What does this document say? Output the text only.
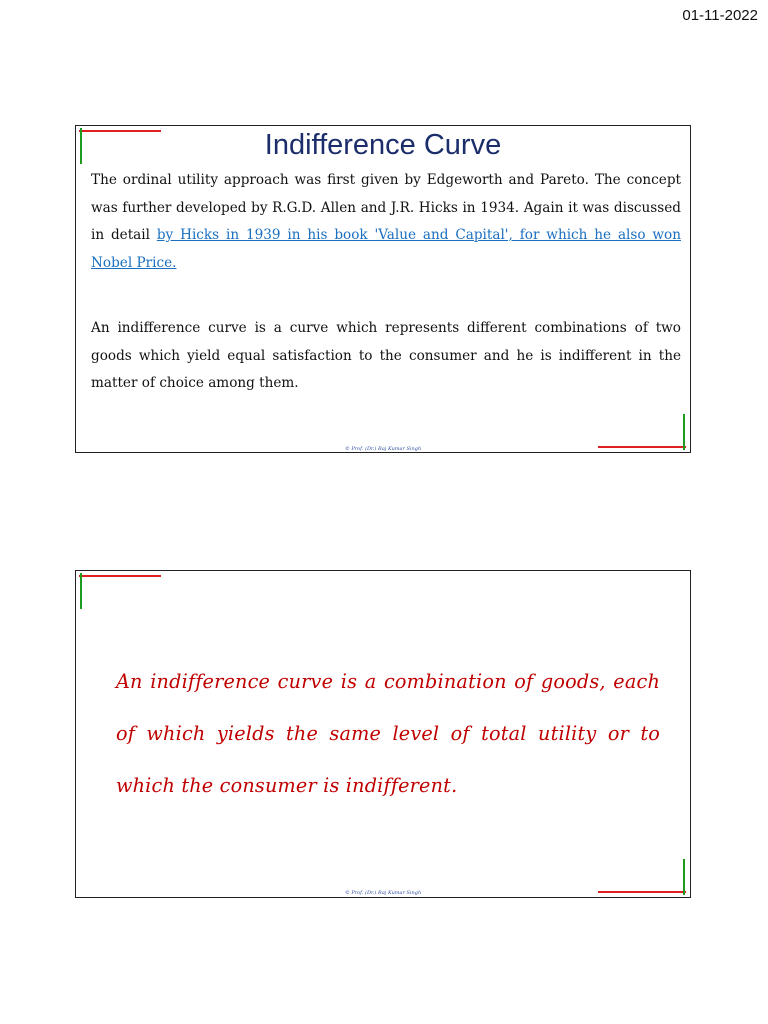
01-11-2022
Indifference Curve

The ordinal utility approach was first given by Edgeworth and Pareto. The concept was further developed by R.G.D. Allen and J.R. Hicks in 1934. Again it was discussed in detail by Hicks in 1939 in his book 'Value and Capital', for which he also won Nobel Price.

An indifference curve is a curve which represents different combinations of two goods which yield equal satisfaction to the consumer and he is indifferent in the matter of choice among them.

© Prof. (Dr.) Raj Kumar Singh

An indifference curve is a combination of goods, each of which yields the same level of total utility or to which the consumer is indifferent.

© Prof. (Dr.) Raj Kumar Singh
